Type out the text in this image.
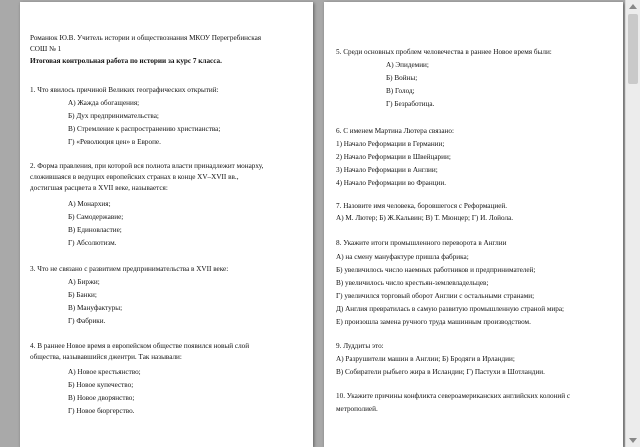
Романюк Ю.В. Учитель истории и обществознания МКОУ Перегребинская
СОШ № 1
Итоговая контрольная работа по истории за курс 7 класса.
1. Что явилось причиной Великих географических открытий:
А) Жажда обогащения;
Б) Дух предпринимательства;
В) Стремление к распространению христианства;
Г) «Революция цен» в Европе.
2. Форма правления, при которой вся полнота власти принадлежит монарху,
сложившаяся в ведущих европейских странах в конце XV–XVII вв.,
достигшая расцвета в XVII веке, называется:
А) Монархия;
Б) Самодержавие;
В) Единовластие;
Г) Абсолютизм.
3. Что не связано с развитием предпринимательства в XVII веке:
А) Биржи;
Б) Банки;
В) Мануфактуры;
Г) Фабрики.
4. В раннее Новое время в европейском обществе появился новый слой
общества, называвшийся джентри. Так называли:
А) Новое крестьянство;
Б) Новое купечество;
В) Новое дворянство;
Г) Новое бюргерство.
5. Среди основных проблем человечества в раннее Новое время были:
А) Эпидемии;
Б) Войны;
В) Голод;
Г) Безработица.
6. С именем Мартина Лютера связано:
1) Начало Реформации в Германии;
2) Начало Реформации в Швейцарии;
3) Начало Реформации в Англии;
4) Начало Реформации во Франции.
7. Назовите имя человека, боровшегося с Реформацией.
А) М. Лютер; Б) Ж.Кальвин; В) Т. Мюнцер; Г) И. Лойола.
8. Укажите итоги промышленного переворота в Англии
А) на смену мануфактуре пришла фабрика;
Б) увеличилось число наемных работников и предпринимателей;
В) увеличилось число крестьян-землевладельцев;
Г) увеличился торговый оборот Англии с остальными странами;
Д) Англия превратилась в самую развитую промышленную страной мира;
Е) произошла замена ручного труда машинным производством.
9. Луддиты это:
А) Разрушители машин в Англии; Б) Бродяги в Ирландии;
В) Собиратели рыбьего жира в Исландии; Г) Пастухи в Шотландии.
10. Укажите причины конфликта североамериканских английских колоний с
метрополией.
